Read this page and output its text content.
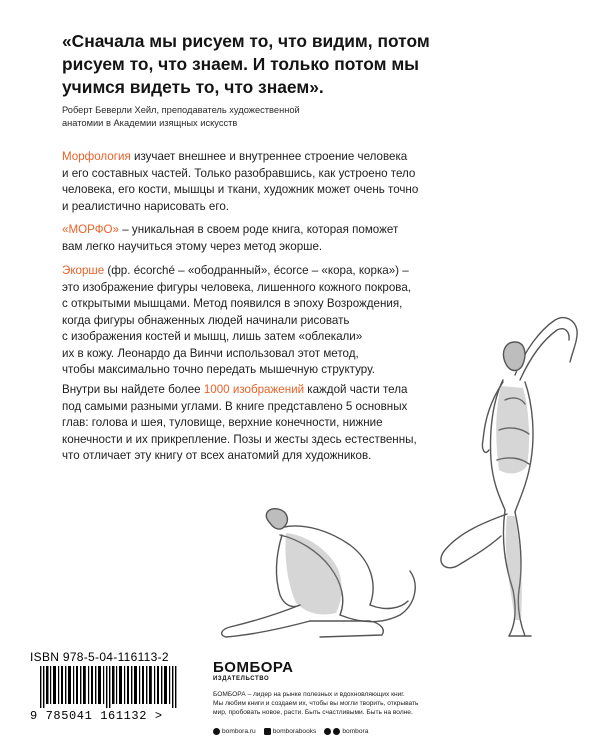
«Сначала мы рисуем то, что видим, потом
рисуем то, что знаем. И только потом мы
учимся видеть то, что знаем».
Роберт Беверли Хейл, преподаватель художественной
анатомии в Академии изящных искусств
Морфология изучает внешнее и внутреннее строение человека
и его составных частей. Только разобравшись, как устроено тело
человека, его кости, мышцы и ткани, художник может очень точно
и реалистично нарисовать его.
«МОРФО» – уникальная в своем роде книга, которая поможет
вам легко научиться этому через метод экорше.
Экорше (фр. écorché – «ободранный», écorce – «кора, корка») –
это изображение фигуры человека, лишенного кожного покрова,
с открытыми мышцами. Метод появился в эпоху Возрождения,
когда фигуры обнаженных людей начинали рисовать
с изображения костей и мышц, лишь затем «облекали»
их в кожу. Леонардо да Винчи использовал этот метод,
чтобы максимально точно передать мышечную структуру.
Внутри вы найдете более 1000 изображений каждой части тела
под самыми разными углами. В книге представлено 5 основных
глав: голова и шея, туловище, верхние конечности, нижние
конечности и их прикрепление. Позы и жесты здесь естественны,
что отличает эту книгу от всех анатомий для художников.
ISBN 978-5-04-116113-2
9 785041 161132 >
БОМБОРА
ИЗДАТЕЛЬСТВО
БОМБОРА – лидер на рынке полезных и вдохновляющих книг.
Мы любим книги и создаем их, чтобы вы могли творить, открывать
мир, пробовать новое, расти. Быть счастливыми. Быть на волне.
bombora.ru	bomborabooks	bombora
